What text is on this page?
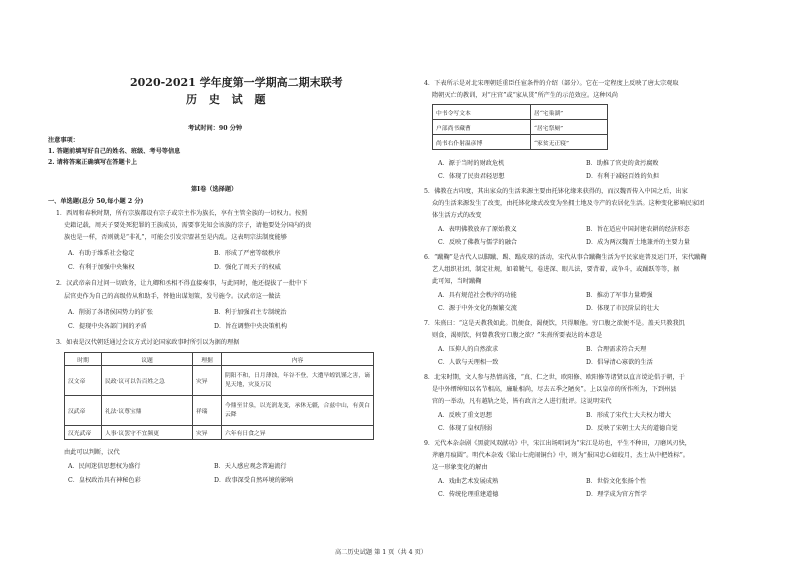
2020-2021 学年度第一学期高二期末联考
历 史 试 题
考试时间：90 分钟
注意事项：
1. 答题前填写好自己的姓名、班级、考号等信息
2. 请将答案正确填写在答题卡上
第Ⅰ卷（选择题）
一、单选题(总分 50,每小题 2 分)
1．西周和春秋时期，所有宗族都设有宗子或宗主作为族长，享有主管全族的一切权力。按照
史籍记载，周天子要处死犯罪的王族成员，需要事先知会该族的宗子，请他要处分国内的贵
族也是一样，否则就是“非礼”，可能会引发宗盟甚至是内乱。这表明宗法制度能够
A．有助于维系社会稳定	B．形成了严密等级秩序
C．有利于加强中央集权	D．强化了周天子的权威
2．汉武帝亲自过问一切政务，让九卿和丞相不得直接奏事，与此同时，他还提拔了一批中下
层官吏作为自己的高级侍从和助手，替他出谋划策，发号施令。汉武帝这一做法
A．削弱了各诸侯国势力的扩张	B．利于加强君主专制统治
C．提现中央各部门间的矛盾	D．旨在调整中央决策机构
3．如表是汉代朝廷通过会议方式讨论国家政事时所引以为据的理据
时期	议题	理据	内容
汉文帝	民政·议可以告百姓之急	灾异	阴阳不和，日月薄蚀，年谷不登，大遭旱蝗饥馑之害，谪见天地，灾及万民
汉武帝	礼法·议尊宝鼎	祥瑞	今鼎至甘泉，以光润龙变，承休无疆，合兹中山，有黄白云降
汉光武帝	人事·议罢守不宜频更	灾异	六年有日食之异
由此可以判断，汉代
A．民间迷信思想权为盛行	B．天人感应观念普遍流行
C．皇权政治具有神秘色彩	D．政事深受自然环境的影响
4．下表所示是对北宋理朝廷重臣任宦条件的介绍（部分）。它在一定程度上反映了唐太宗观取
隋朝灭亡的教训，对“庄官”或“家从贯”所产生的示范效应。这种风尚
中书令写文本	居“宅巢湖”
户部尚书藏曹	“居宅祭厕”
尚书右仆射温彦博	“家贫无正寝”
A．源于当时的财政危机	B．助推了官吏的贪污腐败
C．体现了民贵君轻思想	D．有利于减轻百姓的负担
5．佛教在古印度，其出家众的生活来源主要由托钵化缘来获得的，而汉魏晋传入中国之后，出家
众的生活来源发生了改变，由托钵化缘式改变为坐拥土地及寺产的农居化生活。这种变化影响民家团
体生活方式的改变
A．表明佛教放弃了原始教义	B．旨在适应中国封建农耕的经济形态
C．反映了佛教与儒学的融合	D．成为两汉魏晋土地兼并的主要力量
6．“蹴鞠”是古代人以脚蹴、踢、蹋皮球的活动，宋代从事合蹴鞠生活为平民家庭普及运门开，宋代蹴鞠
艺人组织社团，制定社规，如着靴气，卷进深、眼儿法，要背着，或争斗，或踊跃等等，据
此可知，当时蹴鞠
A．具有规范社会秩序的功能	B．推动了军事力量增强
C．源于中外文化的频繁交流	D．体现了市民阶层的壮大
7．朱熹曰：“这是天教我如此。饥便食，渴便饮，只得顺他。穷口腹之欲便不是。盖天只教我饥
则食，渴则饮，何曾教我穷口腹之欲？”朱熹所要表达的本意是
A．压抑人的自然欲求	B．合理需求符合天理
C．人欲与天理相一致	D．倡导清心寡欲的生活
8．北宋时期，文人参与热情高涨，“真、仁之世，欧阳修、欧阳修等诸贤以直言谠论倡于朝，于
是中外缙绅知以名节相高，廉耻相尚，尽去五季之陋矣”。上以皇帝的所作所为，下到州县
官的一举动，凡有越轨之处，皆有政言之人进行批评。这说明宋代
A．反映了重文思想	B．形成了宋代士大夫权力增大
C．体现了皇权削弱	D．反映了宋朝士大夫的道德自觉
9．元代本杂杂剧《黑旋风双献功》中，宋江出场唱词为“宋江是坊也，平生不种田，刀磨风刃快，
斧磨月痕圆”。明代本杂戏《梁山七虎闹铜台》中，则为“报国忠心如皎月，杰士从中把姓标”。
这一形象变化的解由
A．戏曲艺术发展成熟	B．世俗文化张扬个性
C．传统伦理重建道德	D．理学成为官方哲学
高二历史试题 第 1 页（共 4 页）
